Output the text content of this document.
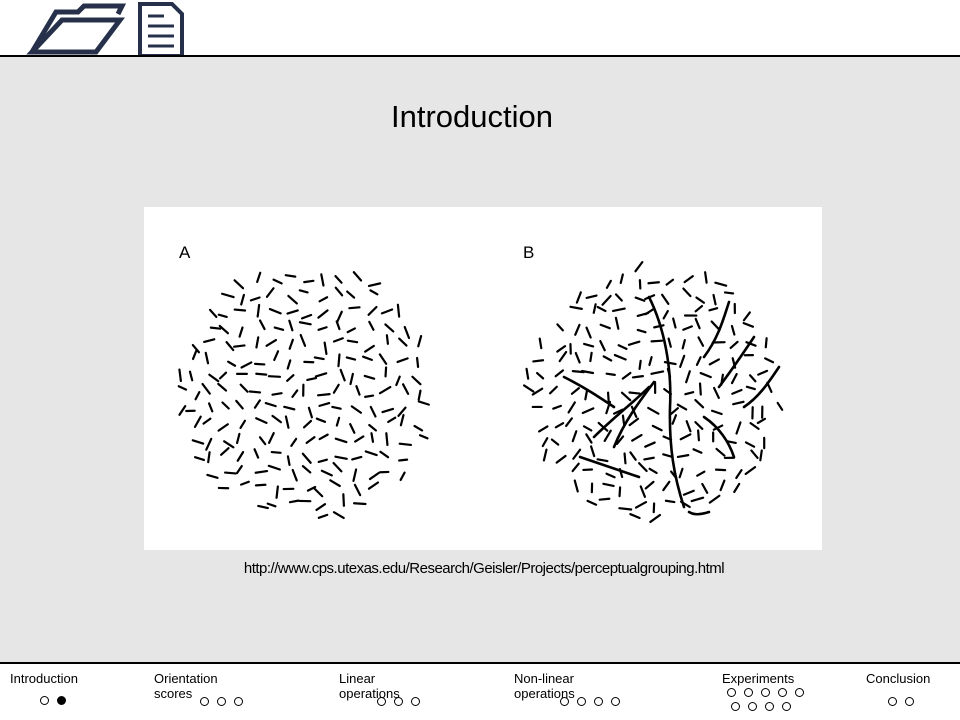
Introduction
A	B
http://www.cps.utexas.edu/Research/Geisler/Projects/perceptualgrouping.html
Introduction	Orientation scores
Linear operations
Non-linear operations
Experiments	Conclusion
